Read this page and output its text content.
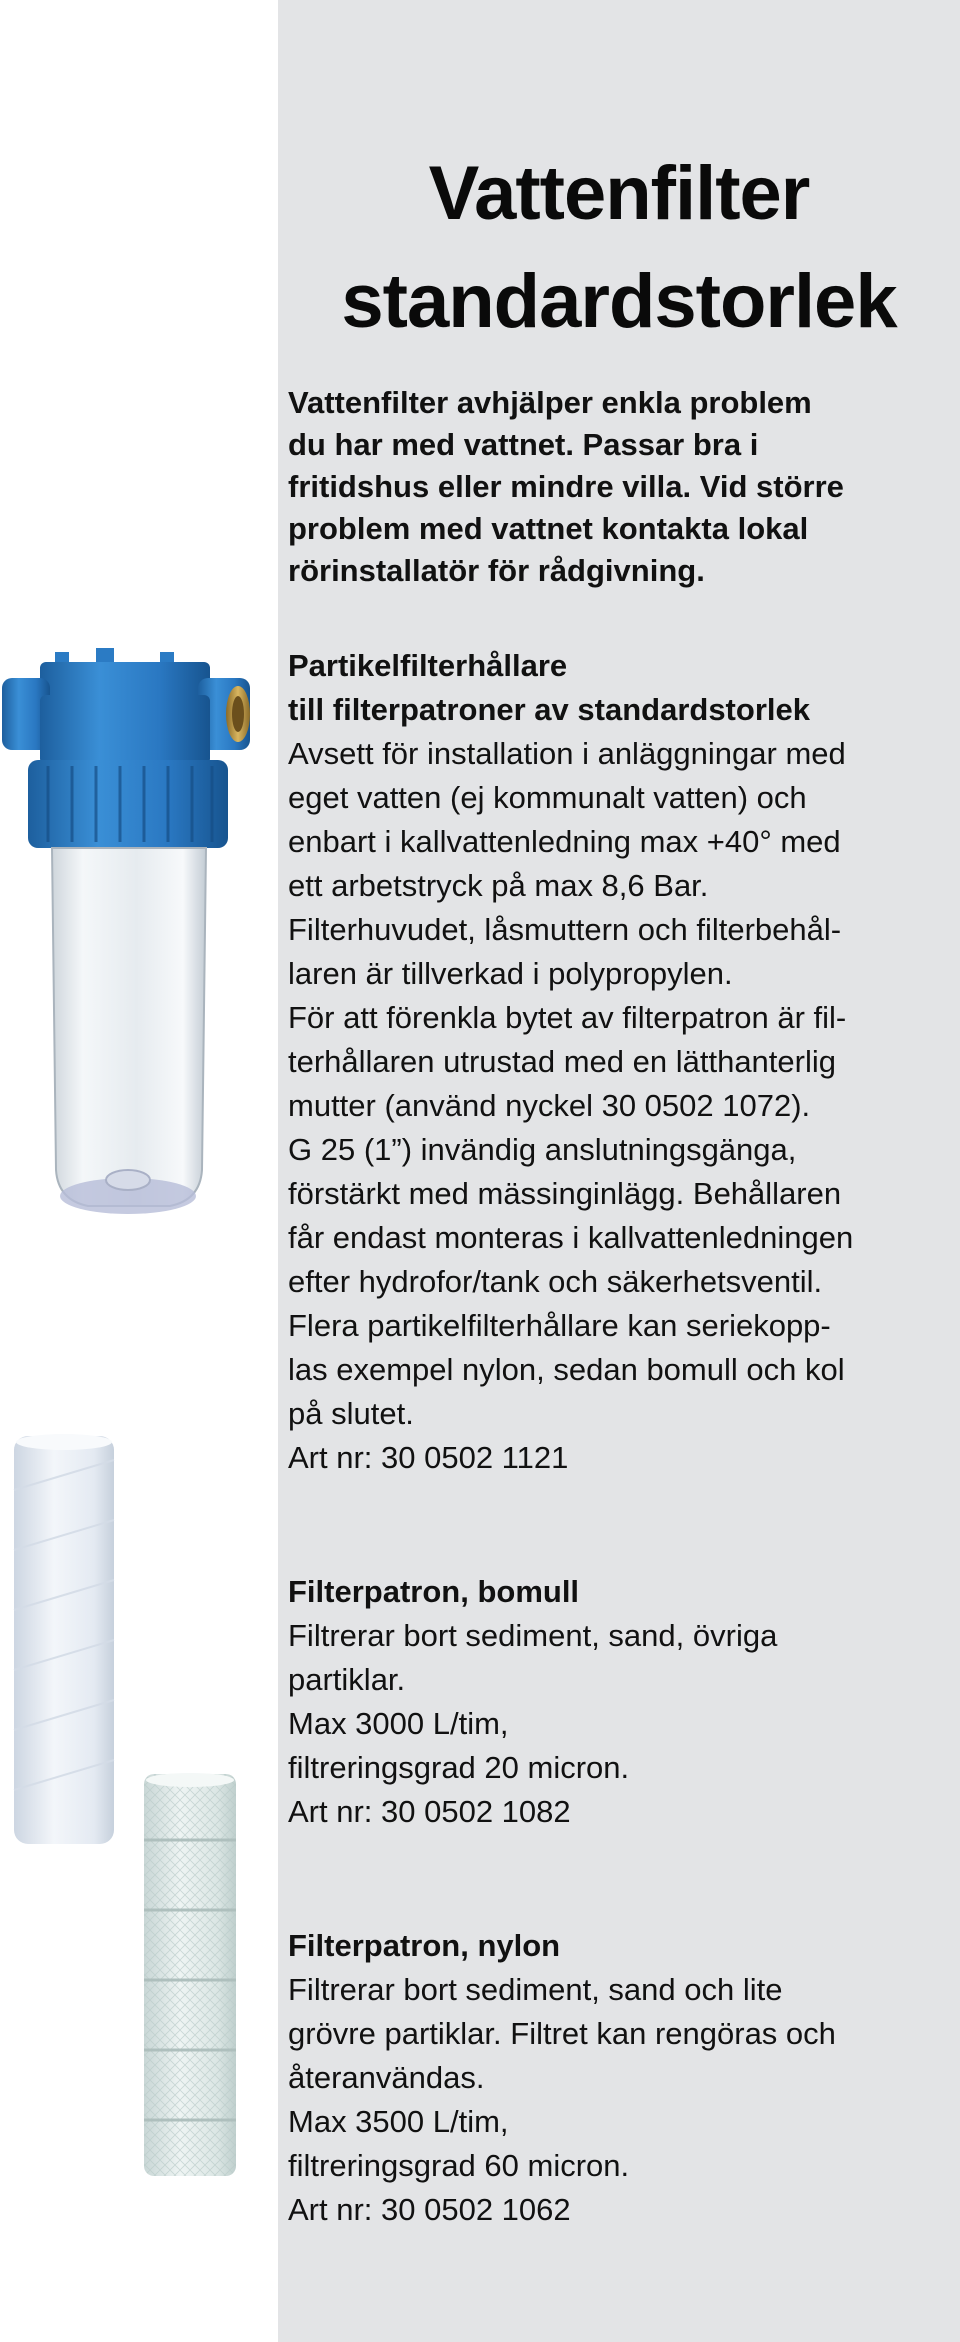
Vattenfilter
standardstorlek
Vattenfilter avhjälper enkla problem
du har med vattnet. Passar bra i
fritidshus eller mindre villa. Vid större
problem med vattnet kontakta lokal
rörinstallatör för rådgivning.
Partikelfilterhållare
till filterpatroner av standardstorlek
Avsett för installation i anläggningar med
eget vatten (ej kommunalt vatten) och
enbart i kallvattenledning max +40° med
ett arbetstryck på max 8,6 Bar.
Filterhuvudet, låsmuttern och filterbehål-
laren är tillverkad i polypropylen.
För att förenkla bytet av filterpatron är fil-
terhållaren utrustad med en lätthanterlig
mutter (använd nyckel 30 0502 1072).
G 25 (1”) invändig anslutningsgänga,
förstärkt med mässinginlägg. Behållaren
får endast monteras i kallvattenledningen
efter hydrofor/tank och säkerhetsventil.
Flera partikelfilterhållare kan seriekopp-
las exempel nylon, sedan bomull och kol
på slutet.
Art nr: 30 0502 1121
Filterpatron, bomull
Filtrerar bort sediment, sand, övriga
partiklar.
Max 3000 L/tim,
filtreringsgrad 20 micron.
Art nr: 30 0502 1082
Filterpatron, nylon
Filtrerar bort sediment, sand och lite
grövre partiklar. Filtret kan rengöras och
återanvändas.
Max 3500 L/tim,
filtreringsgrad 60 micron.
Art nr: 30 0502 1062
